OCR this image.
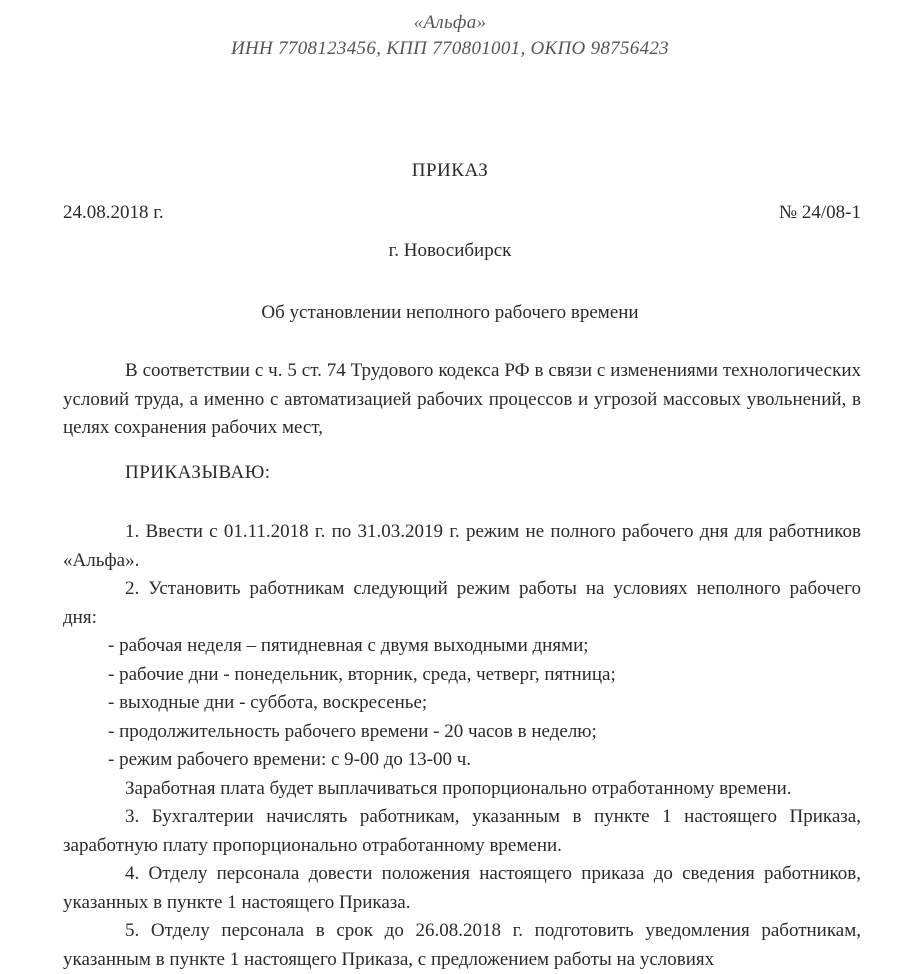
«Альфа»
ИНН 7708123456, КПП 770801001, ОКПО 98756423
ПРИКАЗ
24.08.2018 г.	№ 24/08-1
г. Новосибирск
Об установлении неполного рабочего времени
В соответствии с ч. 5 ст. 74 Трудового кодекса РФ в связи с изменениями технологических условий труда, а именно с автоматизацией рабочих процессов и угрозой массовых увольнений, в целях сохранения рабочих мест,
ПРИКАЗЫВАЮ:

1. Ввести с 01.11.2018 г. по 31.03.2019 г. режим не полного рабочего дня для работников «Альфа».

2. Установить работникам следующий режим работы на условиях неполного рабочего дня:

- рабочая неделя – пятидневная с двумя выходными днями;

- рабочие дни - понедельник, вторник, среда, четверг, пятница;

- выходные дни - суббота, воскресенье;

- продолжительность рабочего времени - 20 часов в неделю;

- режим рабочего времени: с 9-00 до 13-00 ч.

Заработная плата будет выплачиваться пропорционально отработанному времени.

3. Бухгалтерии начислять работникам, указанным в пункте 1 настоящего Приказа, заработную плату пропорционально отработанному времени.

4. Отделу персонала довести положения настоящего приказа до сведения работников, указанных в пункте 1 настоящего Приказа.

5. Отделу персонала в срок до 26.08.2018 г. подготовить уведомления работникам, указанным в пункте 1 настоящего Приказа, с предложением работы на условиях
